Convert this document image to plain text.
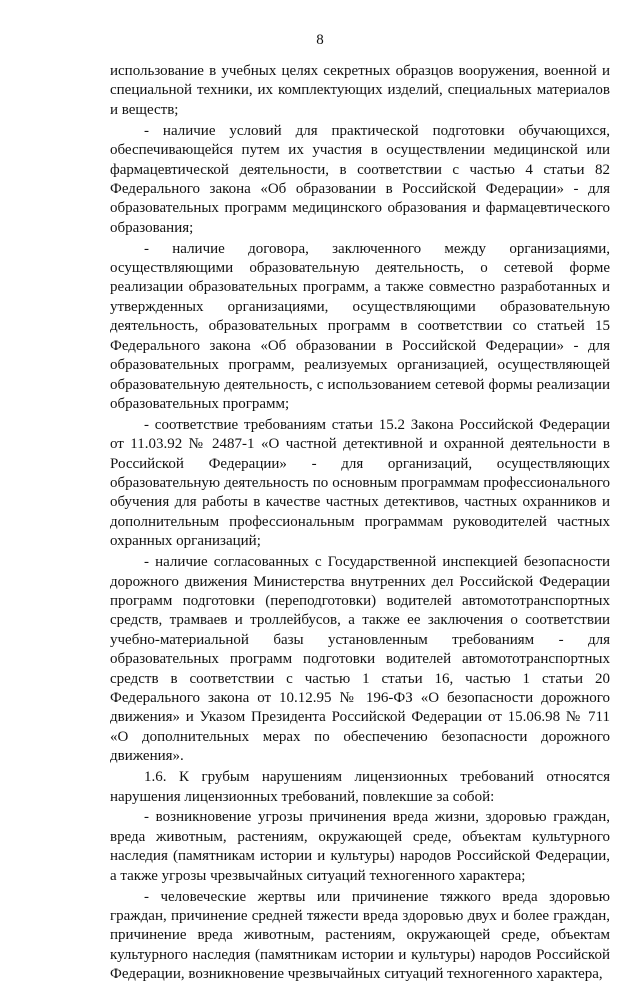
8

использование в учебных целях секретных образцов вооружения, военной и специальной техники, их комплектующих изделий, специальных материалов и веществ;

- наличие условий для практической подготовки обучающихся, обеспечивающейся путем их участия в осуществлении медицинской или фармацевтической деятельности, в соответствии с частью 4 статьи 82 Федерального закона «Об образовании в Российской Федерации» - для образовательных программ медицинского образования и фармацевтического образования;

- наличие договора, заключенного между организациями, осуществляющими образовательную деятельность, о сетевой форме реализации образовательных программ, а также совместно разработанных и утвержденных организациями, осуществляющими образовательную деятельность, образовательных программ в соответствии со статьей 15 Федерального закона «Об образовании в Российской Федерации» - для образовательных программ, реализуемых организацией, осуществляющей образовательную деятельность, с использованием сетевой формы реализации образовательных программ;

- соответствие требованиям статьи 15.2 Закона Российской Федерации от 11.03.92 № 2487-1 «О частной детективной и охранной деятельности в Российской Федерации» - для организаций, осуществляющих образовательную деятельность по основным программам профессионального обучения для работы в качестве частных детективов, частных охранников и дополнительным профессиональным программам руководителей частных охранных организаций;

- наличие согласованных с Государственной инспекцией безопасности дорожного движения Министерства внутренних дел Российской Федерации программ подготовки (переподготовки) водителей автомототранспортных средств, трамваев и троллейбусов, а также ее заключения о соответствии учебно-материальной базы установленным требованиям - для образовательных программ подготовки водителей автомототранспортных средств в соответствии с частью 1 статьи 16, частью 1 статьи 20 Федерального закона от 10.12.95 № 196-ФЗ «О безопасности дорожного движения» и Указом Президента Российской Федерации от 15.06.98 № 711 «О дополнительных мерах по обеспечению безопасности дорожного движения».

1.6. К грубым нарушениям лицензионных требований относятся нарушения лицензионных требований, повлекшие за собой:

- возникновение угрозы причинения вреда жизни, здоровью граждан, вреда животным, растениям, окружающей среде, объектам культурного наследия (памятникам истории и культуры) народов Российской Федерации, а также угрозы чрезвычайных ситуаций техногенного характера;

- человеческие жертвы или причинение тяжкого вреда здоровью граждан, причинение средней тяжести вреда здоровью двух и более граждан, причинение вреда животным, растениям, окружающей среде, объектам культурного наследия (памятникам истории и культуры) народов Российской Федерации, возникновение чрезвычайных ситуаций техногенного характера,
